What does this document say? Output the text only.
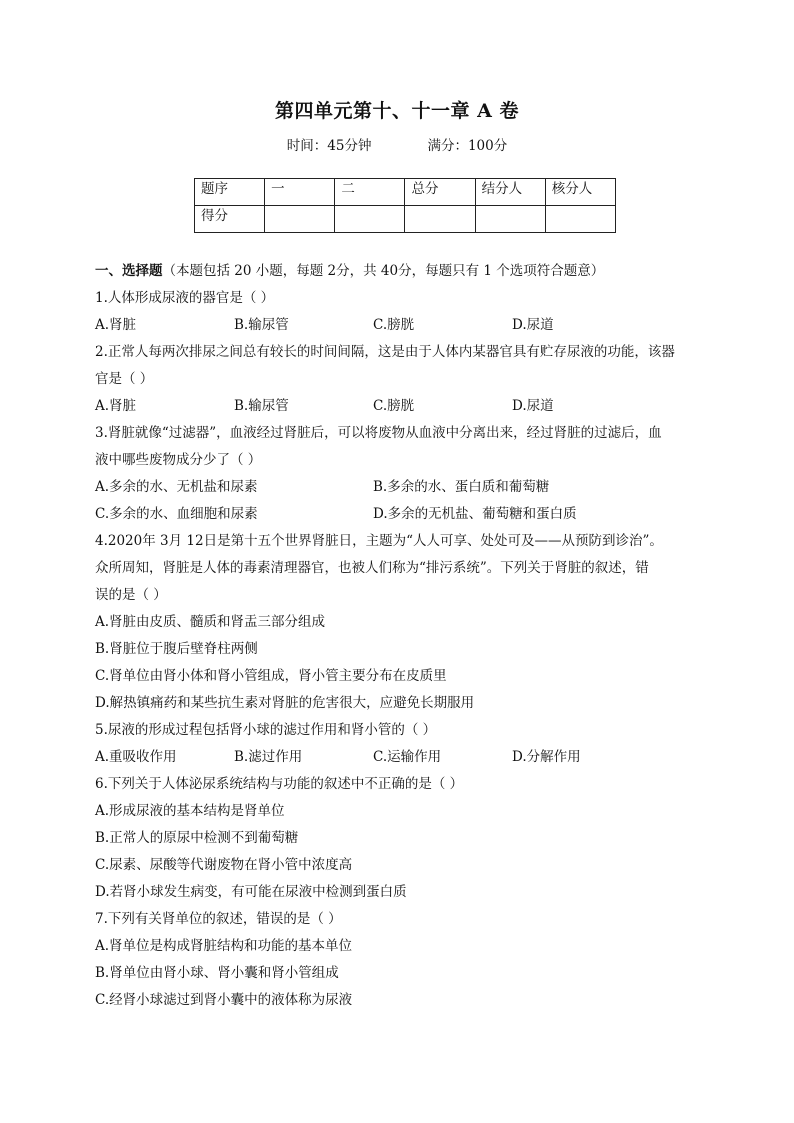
第四单元第十、十一章 A 卷
时间：45分钟	满分：100分
题序	一	二	总分	结分人	核分人
得分					
一、选择题（本题包括 20 小题，每题 2分，共 40分，每题只有 1 个选项符合题意）
1.人体形成尿液的器官是（ ）
A.肾脏	B.输尿管	C.膀胱	D.尿道
2.正常人每两次排尿之间总有较长的时间间隔，这是由于人体内某器官具有贮存尿液的功能，该器
官是（ ）
A.肾脏	B.输尿管	C.膀胱	D.尿道
3.肾脏就像“过滤器”，血液经过肾脏后，可以将废物从血液中分离出来，经过肾脏的过滤后，血
液中哪些废物成分少了（ ）
A.多余的水、无机盐和尿素	B.多余的水、蛋白质和葡萄糖
C.多余的水、血细胞和尿素	D.多余的无机盐、葡萄糖和蛋白质
4.2020年 3月 12日是第十五个世界肾脏日，主题为“人人可享、处处可及——从预防到诊治”。
众所周知，肾脏是人体的毒素清理器官，也被人们称为“排污系统”。下列关于肾脏的叙述，错
误的是（ ）
A.肾脏由皮质、髓质和肾盂三部分组成
B.肾脏位于腹后壁脊柱两侧
C.肾单位由肾小体和肾小管组成，肾小管主要分布在皮质里
D.解热镇痛药和某些抗生素对肾脏的危害很大，应避免长期服用
5.尿液的形成过程包括肾小球的滤过作用和肾小管的（ ）
A.重吸收作用	B.滤过作用	C.运输作用	D.分解作用
6.下列关于人体泌尿系统结构与功能的叙述中不正确的是（ ）
A.形成尿液的基本结构是肾单位
B.正常人的原尿中检测不到葡萄糖
C.尿素、尿酸等代谢废物在肾小管中浓度高
D.若肾小球发生病变，有可能在尿液中检测到蛋白质
7.下列有关肾单位的叙述，错误的是（ ）
A.肾单位是构成肾脏结构和功能的基本单位
B.肾单位由肾小球、肾小囊和肾小管组成
C.经肾小球滤过到肾小囊中的液体称为尿液
